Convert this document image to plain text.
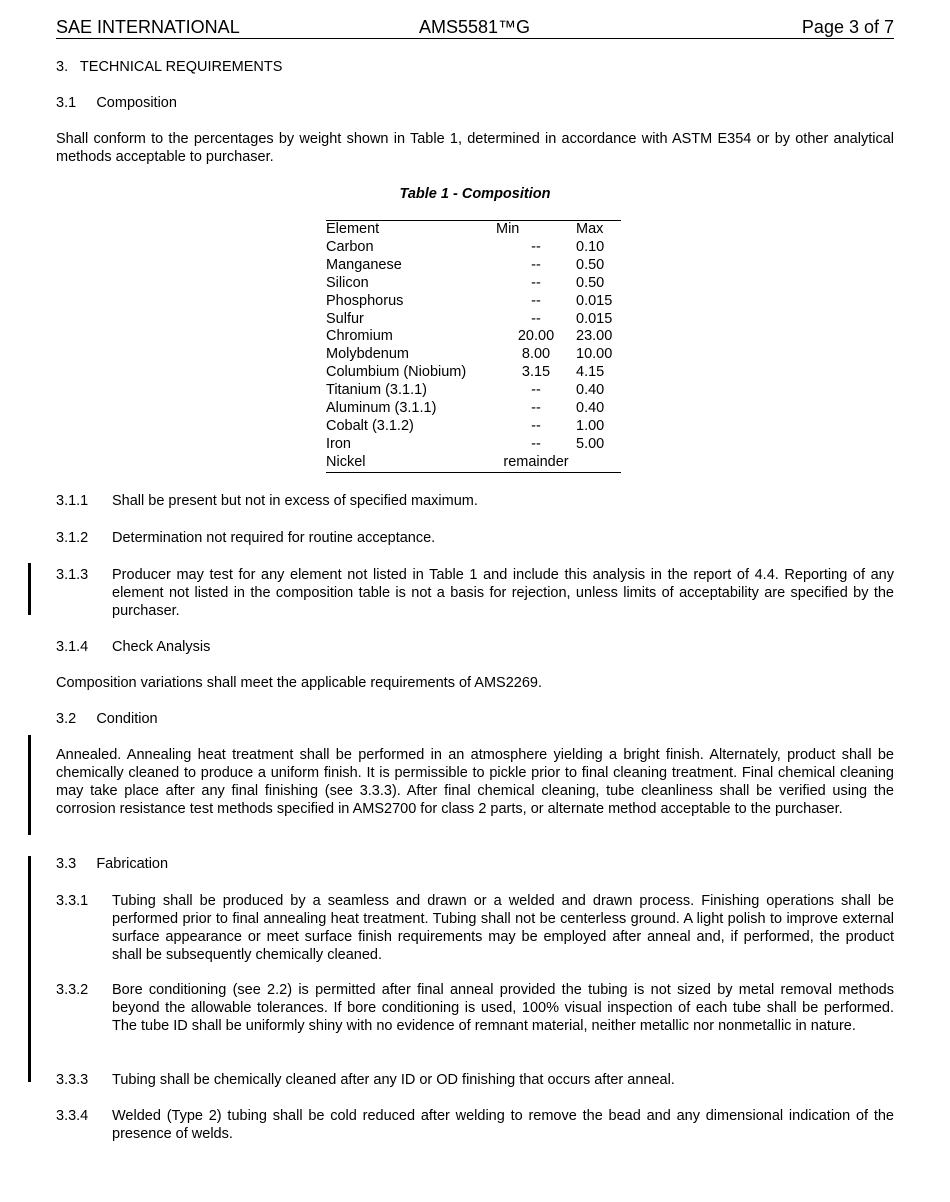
SAE INTERNATIONAL	AMS5581™G	Page 3 of 7
3. TECHNICAL REQUIREMENTS
3.1 Composition
Shall conform to the percentages by weight shown in Table 1, determined in accordance with ASTM E354 or by other analytical methods acceptable to purchaser.
Table 1 - Composition
Element	Min	Max
Carbon	--	0.10
Manganese	--	0.50
Silicon	--	0.50
Phosphorus	--	0.015
Sulfur	--	0.015
Chromium	20.00	23.00
Molybdenum	8.00	10.00
Columbium (Niobium)	3.15	4.15
Titanium (3.1.1)	--	0.40
Aluminum (3.1.1)	--	0.40
Cobalt (3.1.2)	--	1.00
Iron	--	5.00
Nickel	remainder	
3.1.1 Shall be present but not in excess of specified maximum.
3.1.2 Determination not required for routine acceptance.
3.1.3 Producer may test for any element not listed in Table 1 and include this analysis in the report of 4.4. Reporting of any element not listed in the composition table is not a basis for rejection, unless limits of acceptability are specified by the purchaser.
3.1.4 Check Analysis
Composition variations shall meet the applicable requirements of AMS2269.
3.2 Condition
Annealed. Annealing heat treatment shall be performed in an atmosphere yielding a bright finish. Alternately, product shall be chemically cleaned to produce a uniform finish. It is permissible to pickle prior to final cleaning treatment. Final chemical cleaning may take place after any final finishing (see 3.3.3). After final chemical cleaning, tube cleanliness shall be verified using the corrosion resistance test methods specified in AMS2700 for class 2 parts, or alternate method acceptable to the purchaser.
3.3 Fabrication
3.3.1 Tubing shall be produced by a seamless and drawn or a welded and drawn process. Finishing operations shall be performed prior to final annealing heat treatment. Tubing shall not be centerless ground. A light polish to improve external surface appearance or meet surface finish requirements may be employed after anneal and, if performed, the product shall be subsequently chemically cleaned.
3.3.2 Bore conditioning (see 2.2) is permitted after final anneal provided the tubing is not sized by metal removal methods beyond the allowable tolerances. If bore conditioning is used, 100% visual inspection of each tube shall be performed. The tube ID shall be uniformly shiny with no evidence of remnant material, neither metallic nor nonmetallic in nature.
3.3.3 Tubing shall be chemically cleaned after any ID or OD finishing that occurs after anneal.
3.3.4 Welded (Type 2) tubing shall be cold reduced after welding to remove the bead and any dimensional indication of the presence of welds.
